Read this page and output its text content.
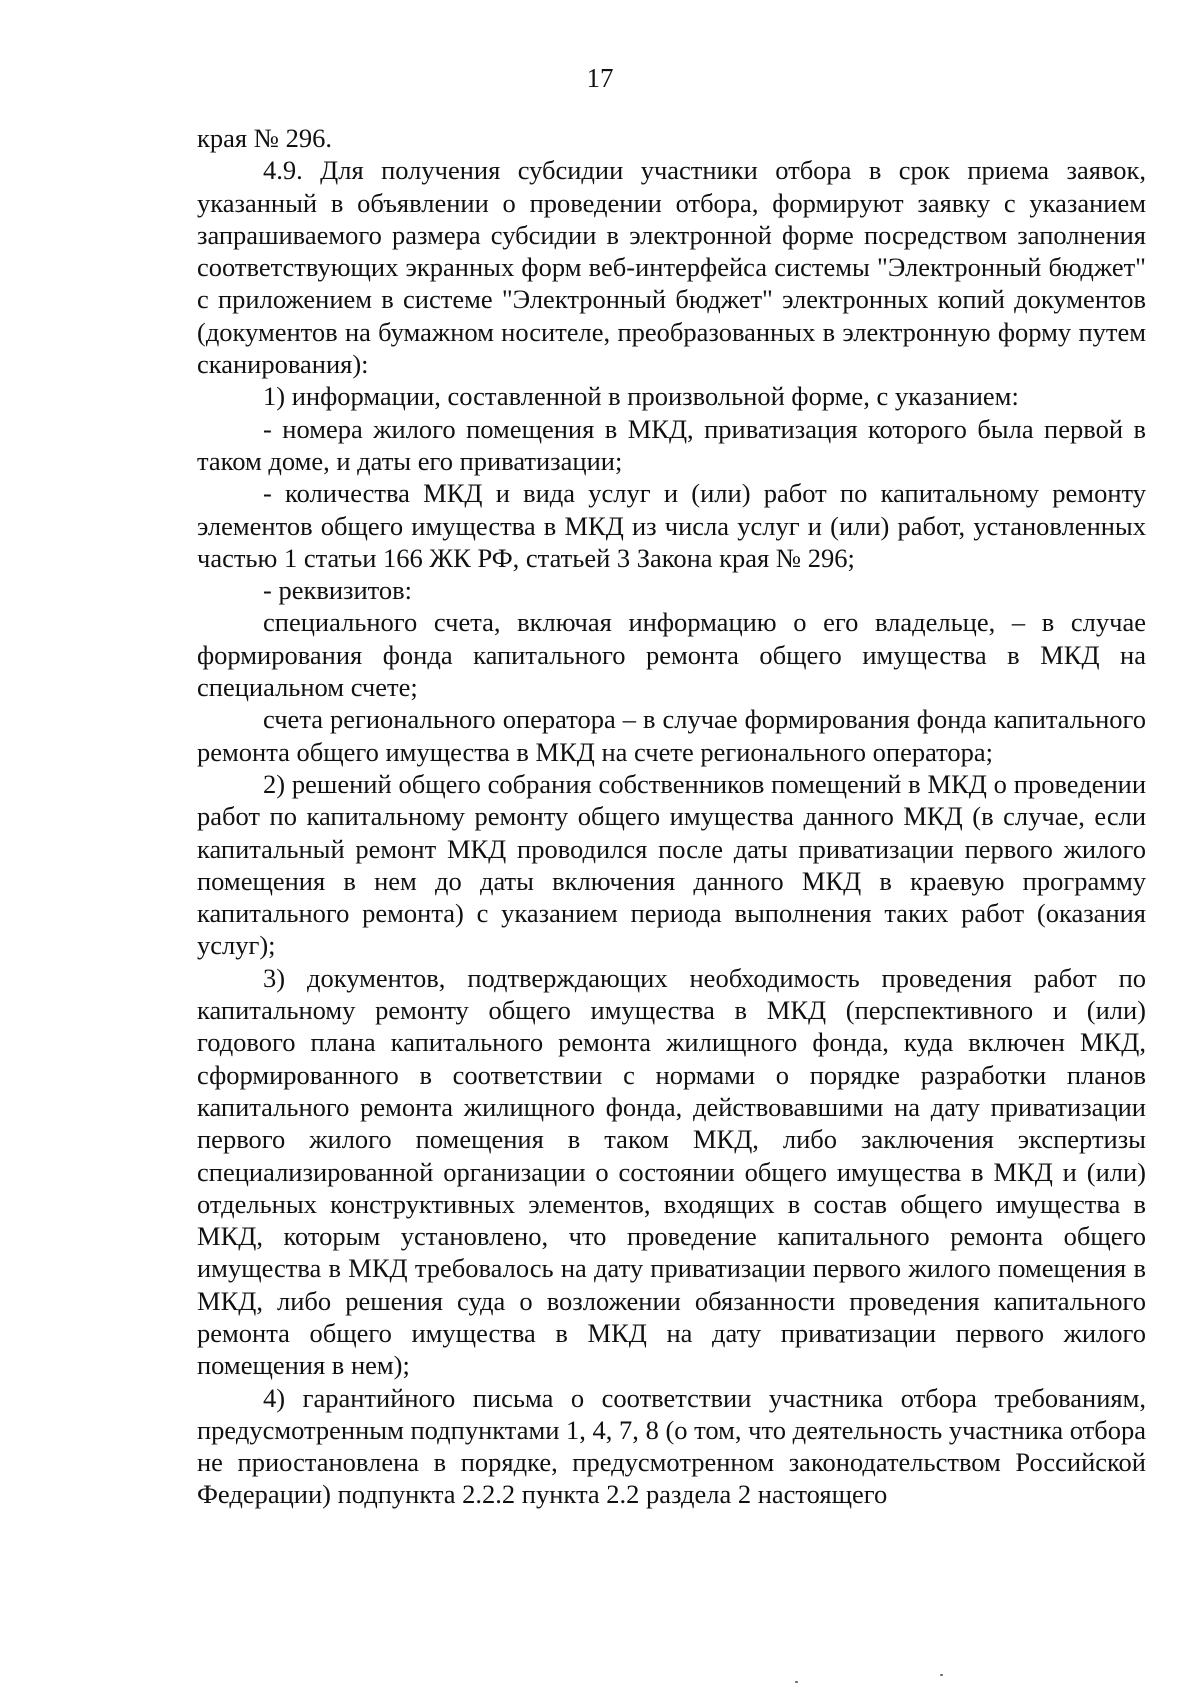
17

края № 296.

4.9. Для получения субсидии участники отбора в срок приема заявок, указанный в объявлении о проведении отбора, формируют заявку с указанием запрашиваемого размера субсидии в электронной форме посредством заполнения соответствующих экранных форм веб-интерфейса системы "Электронный бюджет" с приложением в системе "Электронный бюджет" электронных копий документов (документов на бумажном носителе, преобразованных в электронную форму путем сканирования):

1) информации, составленной в произвольной форме, с указанием:

- номера жилого помещения в МКД, приватизация которого была первой в таком доме, и даты его приватизации;

- количества МКД и вида услуг и (или) работ по капитальному ремонту элементов общего имущества в МКД из числа услуг и (или) работ, установленных частью 1 статьи 166 ЖК РФ, статьей 3 Закона края № 296;

- реквизитов:

специального счета, включая информацию о его владельце, – в случае формирования фонда капитального ремонта общего имущества в МКД на специальном счете;

счета регионального оператора – в случае формирования фонда капитального ремонта общего имущества в МКД на счете регионального оператора;

2) решений общего собрания собственников помещений в МКД о проведении работ по капитальному ремонту общего имущества данного МКД (в случае, если капитальный ремонт МКД проводился после даты приватизации первого жилого помещения в нем до даты включения данного МКД в краевую программу капитального ремонта) с указанием периода выполнения таких работ (оказания услуг);

3) документов, подтверждающих необходимость проведения работ по капитальному ремонту общего имущества в МКД (перспективного и (или) годового плана капитального ремонта жилищного фонда, куда включен МКД, сформированного в соответствии с нормами о порядке разработки планов капитального ремонта жилищного фонда, действовавшими на дату приватизации первого жилого помещения в таком МКД, либо заключения экспертизы специализированной организации о состоянии общего имущества в МКД и (или) отдельных конструктивных элементов, входящих в состав общего имущества в МКД, которым установлено, что проведение капитального ремонта общего имущества в МКД требовалось на дату приватизации первого жилого помещения в МКД, либо решения суда о возложении обязанности проведения капитального ремонта общего имущества в МКД на дату приватизации первого жилого помещения в нем);

4) гарантийного письма о соответствии участника отбора требованиям, предусмотренным подпунктами 1, 4, 7, 8 (о том, что деятельность участника отбора не приостановлена в порядке, предусмотренном законодательством Российской Федерации) подпункта 2.2.2 пункта 2.2 раздела 2 настоящего
